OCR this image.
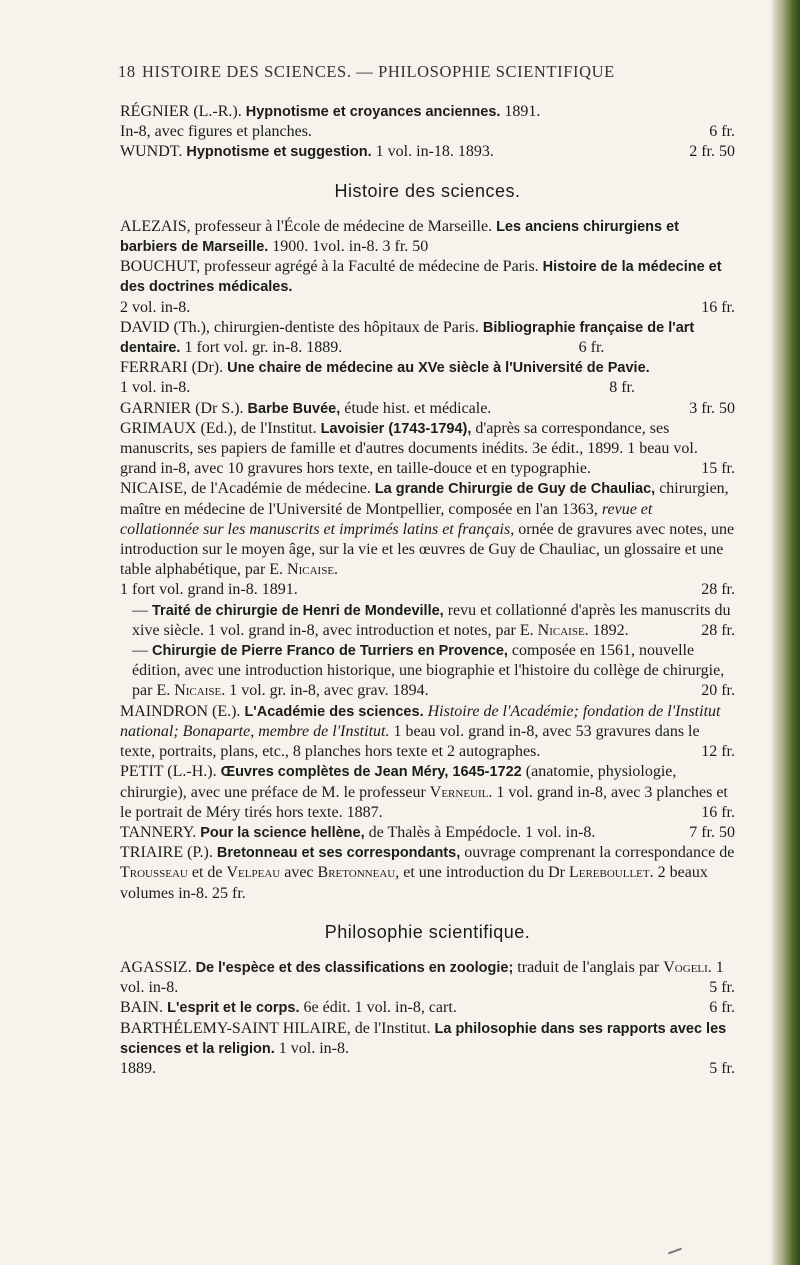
18 HISTOIRE DES SCIENCES. — PHILOSOPHIE SCIENTIFIQUE
RÉGNIER (L.-R.). Hypnotisme et croyances anciennes. 1891.
In-8, avec figures et planches.	6 fr.
WUNDT. Hypnotisme et suggestion. 1 vol. in-18. 1893.	2 fr. 50
Histoire des sciences.

ALEZAIS, professeur à l'École de médecine de Marseille. Les anciens chirurgiens et barbiers de Marseille. 1900. 1vol. in-8. 3 fr. 50

BOUCHUT, professeur agrégé à la Faculté de médecine de Paris. Histoire de la médecine et des doctrines médicales.
2 vol. in-8.	16 fr.

DAVID (Th.), chirurgien-dentiste des hôpitaux de Paris. Bibliographie française de l'art dentaire. 1 fort vol. gr. in-8. 1889.	6 fr.

FERRARI (Dr). Une chaire de médecine au XVe siècle à l'Université de Pavie.
1 vol. in-8.	8 fr.

GARNIER (Dr S.). Barbe Buvée, étude hist. et médicale.	3 fr. 50

GRIMAUX (Ed.), de l'Institut. Lavoisier (1743-1794), d'après sa correspondance, ses manuscrits, ses papiers de famille et d'autres documents inédits. 3e édit., 1899. 1 beau vol. grand in-8, avec 10 gravures hors texte, en taille-douce et en typographie.	15 fr.

NICAISE, de l'Académie de médecine. La grande Chirurgie de Guy de Chauliac, chirurgien, maître en médecine de l'Université de Montpellier, composée en l'an 1363, revue et collationnée sur les manuscrits et imprimés latins et français, ornée de gravures avec notes, une introduction sur le moyen âge, sur la vie et les œuvres de Guy de Chauliac, un glossaire et une table alphabétique, par E. Nicaise.
1 fort vol. grand in-8. 1891.	28 fr.

— Traité de chirurgie de Henri de Mondeville, revu et collationné d'après les manuscrits du xive siècle. 1 vol. grand in-8, avec introduction et notes, par E. Nicaise. 1892.	28 fr.

— Chirurgie de Pierre Franco de Turriers en Provence, composée en 1561, nouvelle édition, avec une introduction historique, une biographie et l'histoire du collège de chirurgie, par E. Nicaise. 1 vol. gr. in-8, avec grav. 1894.	20 fr.

MAINDRON (E.). L'Académie des sciences. Histoire de l'Académie; fondation de l'Institut national; Bonaparte, membre de l'Institut. 1 beau vol. grand in-8, avec 53 gravures dans le texte, portraits, plans, etc., 8 planches hors texte et 2 autographes.	12 fr.

PETIT (L.-H.). Œuvres complètes de Jean Méry, 1645-1722 (anatomie, physiologie, chirurgie), avec une préface de M. le professeur Verneuil. 1 vol. grand in-8, avec 3 planches et le portrait de Méry tirés hors texte. 1887.	16 fr.

TANNERY. Pour la science hellène, de Thalès à Empédocle. 1 vol. in-8.	7 fr. 50

TRIAIRE (P.). Bretonneau et ses correspondants, ouvrage comprenant la correspondance de Trousseau et de Velpeau avec Bretonneau, et une introduction du Dr Lereboullet. 2 beaux volumes in-8. 25 fr.

Philosophie scientifique.

AGASSIZ. De l'espèce et des classifications en zoologie; traduit de l'anglais par Vogeli. 1 vol. in-8.	5 fr.

BAIN. L'esprit et le corps. 6e édit. 1 vol. in-8, cart.	6 fr.

BARTHÉLEMY-SAINT HILAIRE, de l'Institut. La philosophie dans ses rapports avec les sciences et la religion. 1 vol. in-8.
1889.	5 fr.
